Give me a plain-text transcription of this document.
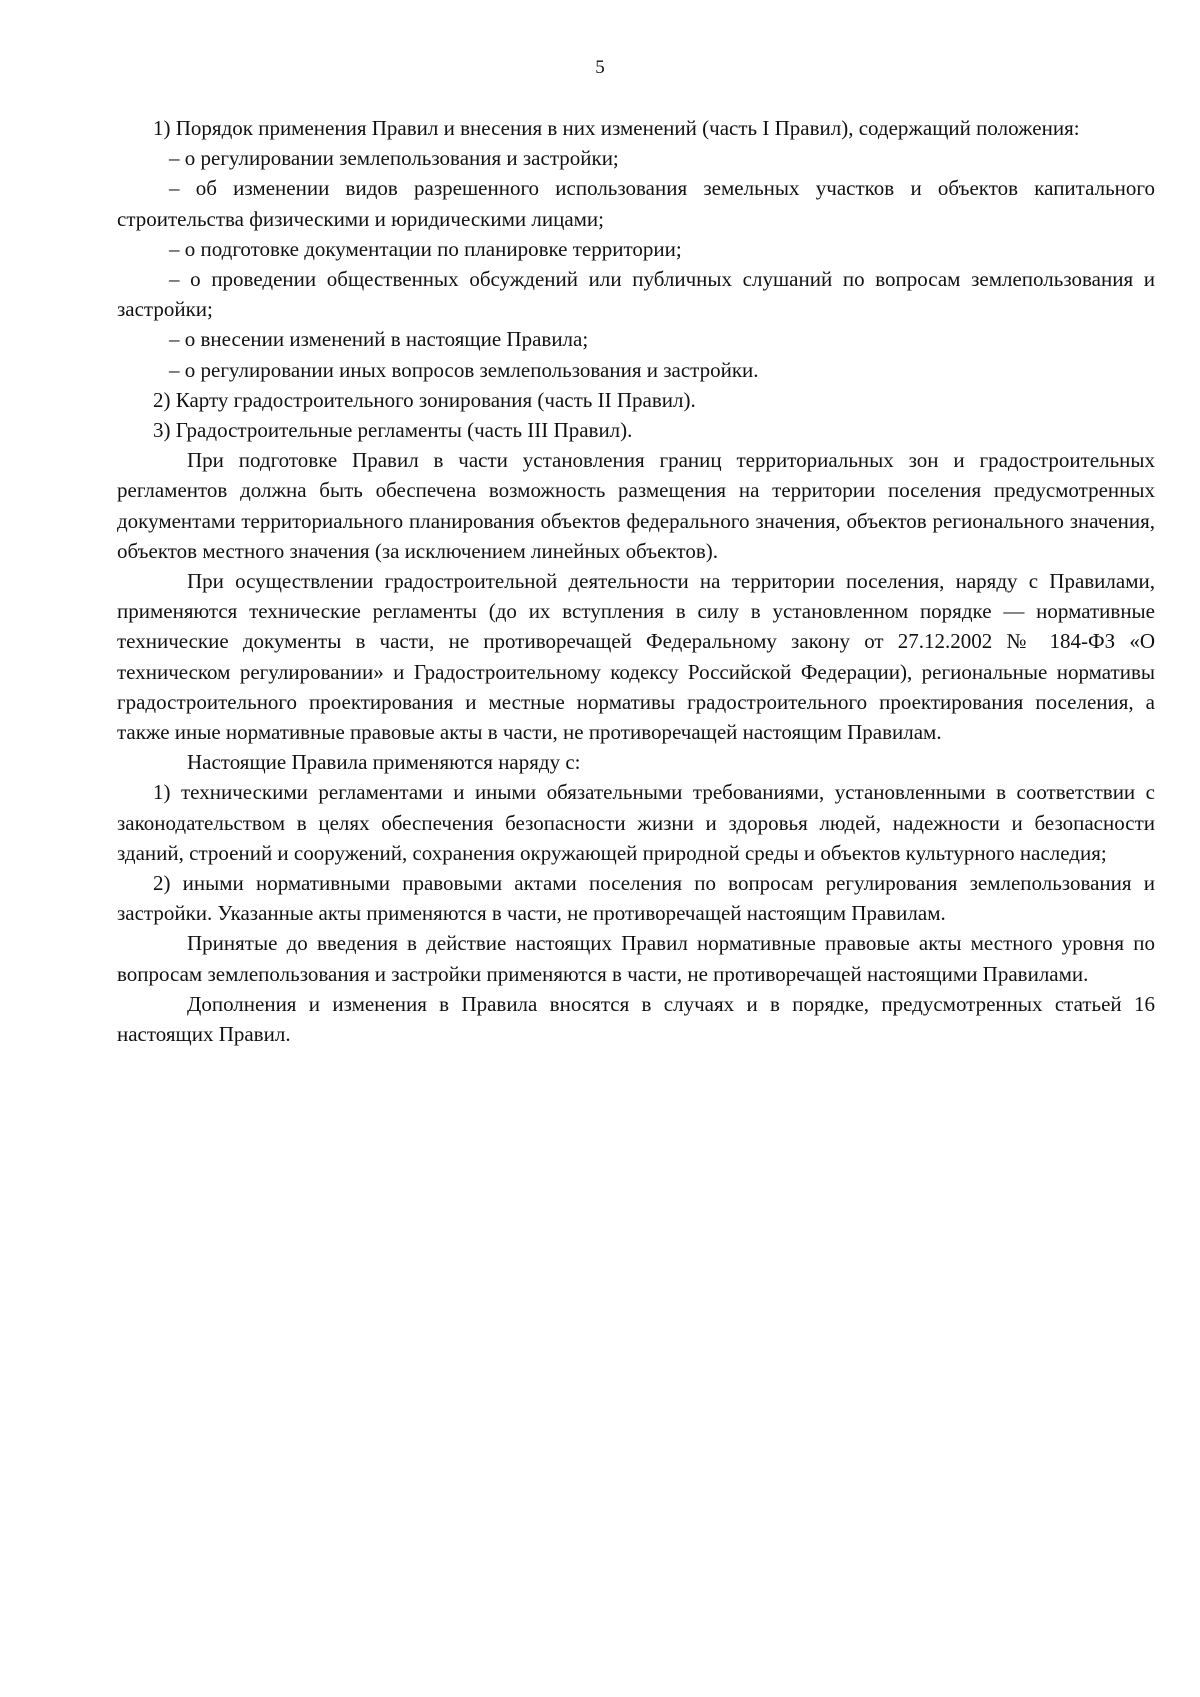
5

1) Порядок применения Правил и внесения в них изменений (часть I Правил), содержащий положения:

– о регулировании землепользования и застройки;

– об изменении видов разрешенного использования земельных участков и объектов капитального строительства физическими и юридическими лицами;

– о подготовке документации по планировке территории;

– о проведении общественных обсуждений или публичных слушаний по вопросам землепользования и застройки;

– о внесении изменений в настоящие Правила;

– о регулировании иных вопросов землепользования и застройки.

2) Карту градостроительного зонирования (часть II Правил).

3) Градостроительные регламенты (часть III Правил).

При подготовке Правил в части установления границ территориальных зон и градостроительных регламентов должна быть обеспечена возможность размещения на территории поселения предусмотренных документами территориального планирования объектов федерального значения, объектов регионального значения, объектов местного значения (за исключением линейных объектов).

При осуществлении градостроительной деятельности на территории поселения, наряду с Правилами, применяются технические регламенты (до их вступления в силу в установленном порядке — нормативные технические документы в части, не противоречащей Федеральному закону от 27.12.2002 № 184-ФЗ «О техническом регулировании» и Градостроительному кодексу Российской Федерации), региональные нормативы градостроительного проектирования и местные нормативы градостроительного проектирования поселения, а также иные нормативные правовые акты в части, не противоречащей настоящим Правилам.

Настоящие Правила применяются наряду с:

1) техническими регламентами и иными обязательными требованиями, установленными в соответствии с законодательством в целях обеспечения безопасности жизни и здоровья людей, надежности и безопасности зданий, строений и сооружений, сохранения окружающей природной среды и объектов культурного наследия;

2) иными нормативными правовыми актами поселения по вопросам регулирования землепользования и застройки. Указанные акты применяются в части, не противоречащей настоящим Правилам.

Принятые до введения в действие настоящих Правил нормативные правовые акты местного уровня по вопросам землепользования и застройки применяются в части, не противоречащей настоящими Правилами.

Дополнения и изменения в Правила вносятся в случаях и в порядке, предусмотренных статьей 16 настоящих Правил.
